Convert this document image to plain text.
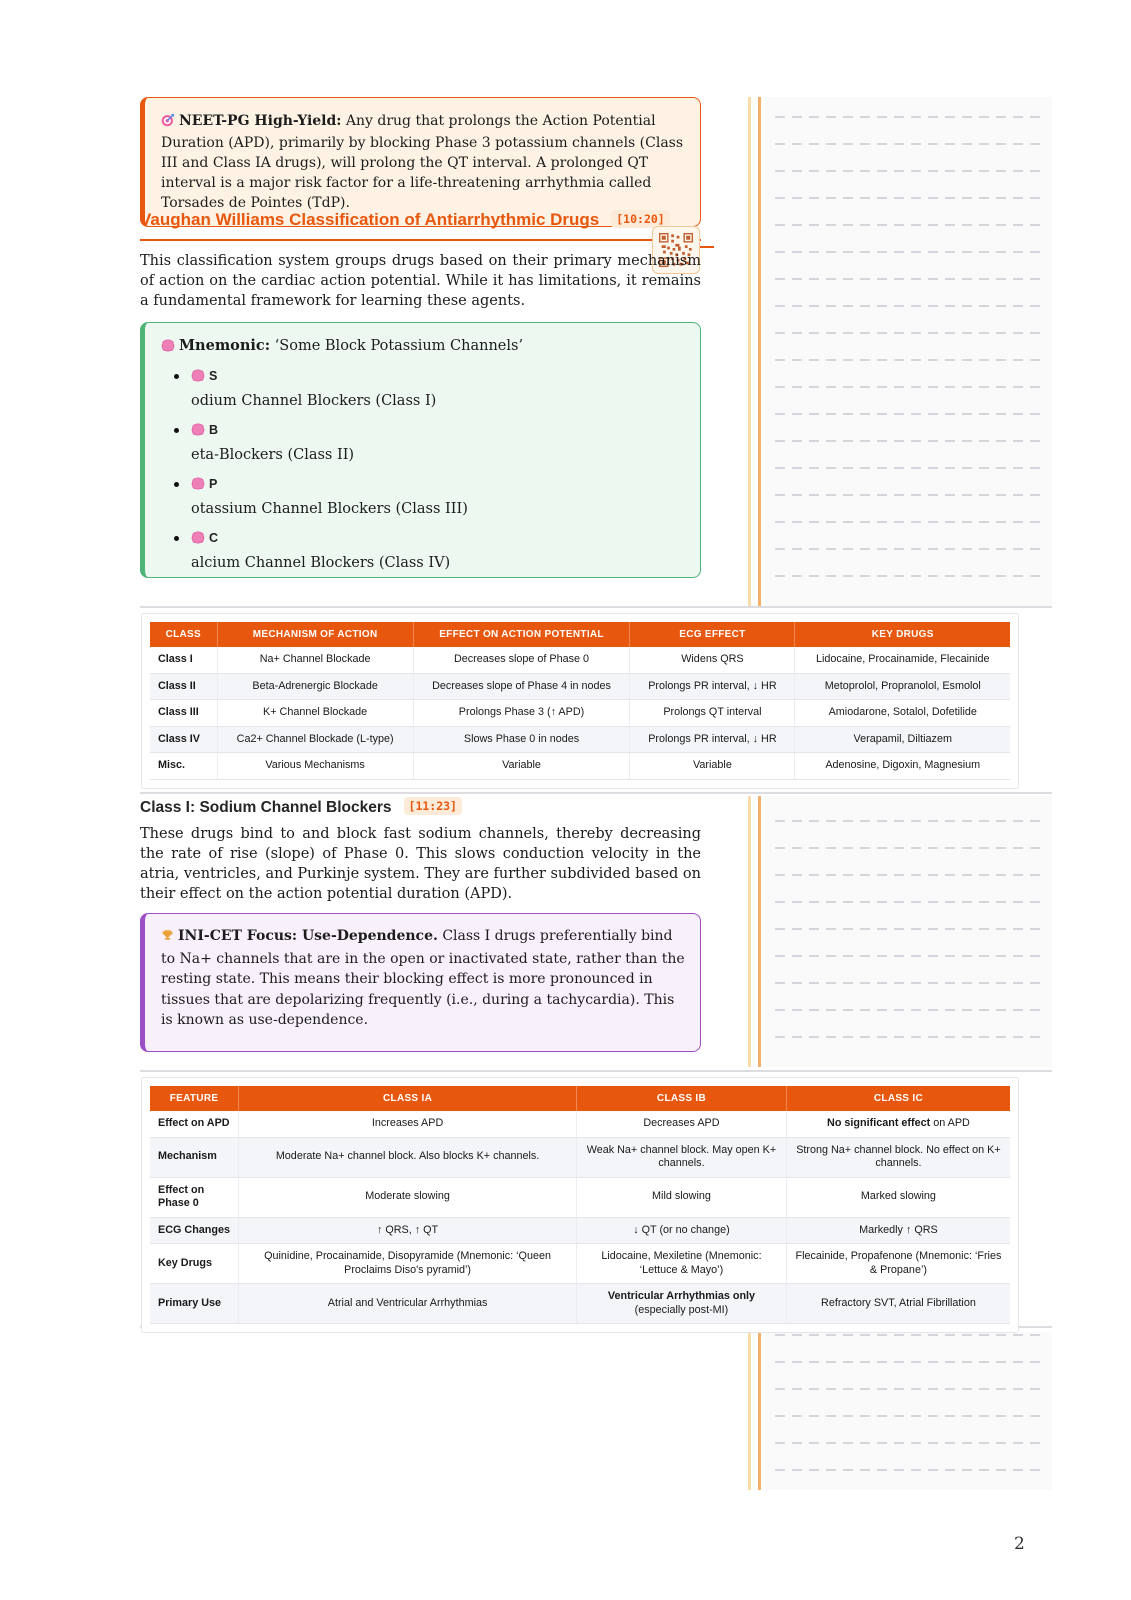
NEET-PG High-Yield: Any drug that prolongs the Action Potential Duration (APD), primarily by blocking Phase 3 potassium channels (Class III and Class IA drugs), will prolong the QT interval. A prolonged QT interval is a major risk factor for a life-threatening arrhythmia called Torsades de Pointes (TdP).

Vaughan Williams Classification of Antiarrhythmic Drugs [10:20]

This classification system groups drugs based on their primary mechanism of action on the cardiac action potential. While it has limitations, it remains a fundamental framework for learning these agents.

Mnemonic: ‘Some Block Potassium Channels’
S
odium Channel Blockers (Class I)
B
eta-Blockers (Class II)
P
otassium Channel Blockers (Class III)
C
alcium Channel Blockers (Class IV)
CLASS	MECHANISM OF ACTION	EFFECT ON ACTION POTENTIAL	ECG EFFECT	KEY DRUGS
Class I	Na+ Channel Blockade	Decreases slope of Phase 0	Widens QRS	Lidocaine, Procainamide, Flecainide
Class II	Beta-Adrenergic Blockade	Decreases slope of Phase 4 in nodes	Prolongs PR interval, ↓ HR	Metoprolol, Propranolol, Esmolol
Class III	K+ Channel Blockade	Prolongs Phase 3 (↑ APD)	Prolongs QT interval	Amiodarone, Sotalol, Dofetilide
Class IV	Ca2+ Channel Blockade (L-type)	Slows Phase 0 in nodes	Prolongs PR interval, ↓ HR	Verapamil, Diltiazem
Misc.	Various Mechanisms	Variable	Variable	Adenosine, Digoxin, Magnesium
Class I: Sodium Channel Blockers [11:23]

These drugs bind to and block fast sodium channels, thereby decreasing the rate of rise (slope) of Phase 0. This slows conduction velocity in the atria, ventricles, and Purkinje system. They are further subdivided based on their effect on the action potential duration (APD).

INI-CET Focus: Use-Dependence. Class I drugs preferentially bind to Na+ channels that are in the open or inactivated state, rather than the resting state. This means their blocking effect is more pronounced in tissues that are depolarizing frequently (i.e., during a tachycardia). This is known as use-dependence.

FEATURE	CLASS IA	CLASS IB	CLASS IC
Effect on APD	Increases APD	Decreases APD	No significant effect on APD
Mechanism	Moderate Na+ channel block. Also blocks K+ channels.	Weak Na+ channel block. May open K+ channels.	Strong Na+ channel block. No effect on K+ channels.
Effect on Phase 0	Moderate slowing	Mild slowing	Marked slowing
ECG Changes	↑ QRS, ↑ QT	↓ QT (or no change)	Markedly ↑ QRS
Key Drugs	Quinidine, Procainamide, Disopyramide (Mnemonic: ‘Queen Proclaims Diso's pyramid’)	Lidocaine, Mexiletine (Mnemonic: ‘Lettuce & Mayo’)	Flecainide, Propafenone (Mnemonic: ‘Fries & Propane’)
Primary Use	Atrial and Ventricular Arrhythmias	Ventricular Arrhythmias only (especially post-MI)	Refractory SVT, Atrial Fibrillation
2
